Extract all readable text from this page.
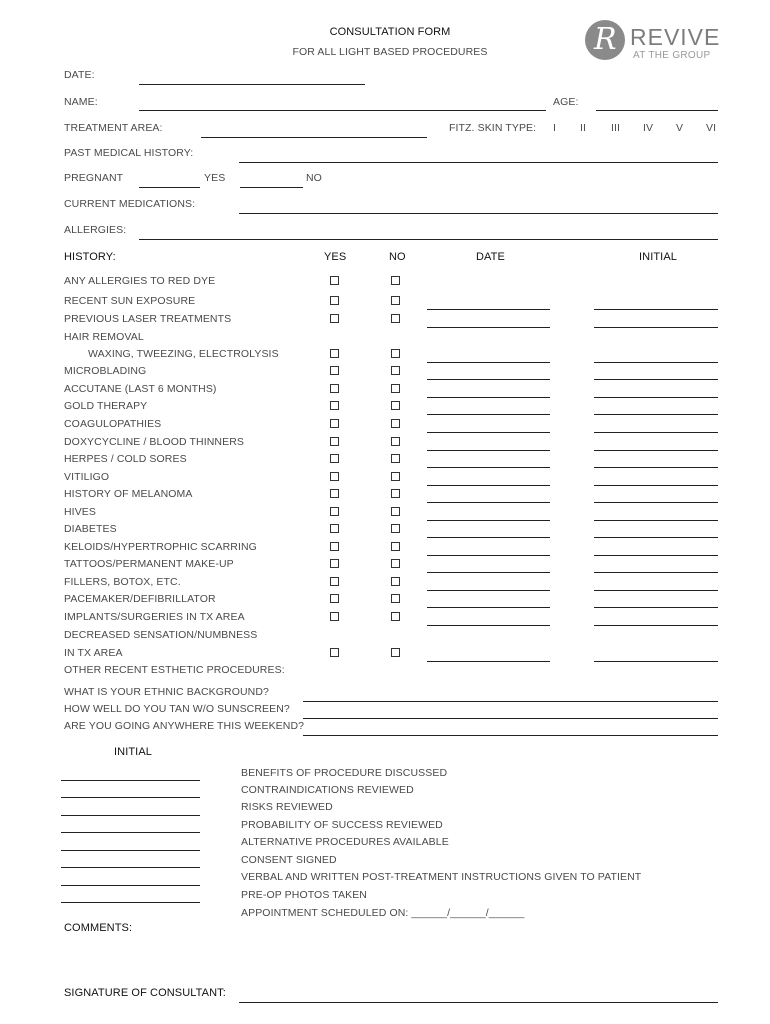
CONSULTATION FORM
FOR ALL LIGHT BASED PROCEDURES	R REVIVE
AT THE GROUP
DATE:
NAME:	AGE:
TREATMENT AREA:	FITZ. SKIN TYPE: I II III IV V VI
PAST MEDICAL HISTORY:
PREGNANT	YES	NO
CURRENT MEDICATIONS:
ALLERGIES:
HISTORY:	YES	NO	DATE	INITIAL
ANY ALLERGIES TO RED DYE
RECENT SUN EXPOSURE
PREVIOUS LASER TREATMENTS
HAIR REMOVAL
WAXING, TWEEZING, ELECTROLYSIS
MICROBLADING
ACCUTANE (LAST 6 MONTHS)
GOLD THERAPY
COAGULOPATHIES
DOXYCYCLINE / BLOOD THINNERS
HERPES / COLD SORES
VITILIGO
HISTORY OF MELANOMA
HIVES
DIABETES
KELOIDS/HYPERTROPHIC SCARRING
TATTOOS/PERMANENT MAKE-UP
FILLERS, BOTOX, ETC.
PACEMAKER/DEFIBRILLATOR
IMPLANTS/SURGERIES IN TX AREA
DECREASED SENSATION/NUMBNESS
IN TX AREA
OTHER RECENT ESTHETIC PROCEDURES:
WHAT IS YOUR ETHNIC BACKGROUND?
HOW WELL DO YOU TAN W/O SUNSCREEN?
ARE YOU GOING ANYWHERE THIS WEEKEND?
INITIAL
BENEFITS OF PROCEDURE DISCUSSED
CONTRAINDICATIONS REVIEWED
RISKS REVIEWED
PROBABILITY OF SUCCESS REVIEWED
ALTERNATIVE PROCEDURES AVAILABLE
CONSENT SIGNED
VERBAL AND WRITTEN POST-TREATMENT INSTRUCTIONS GIVEN TO PATIENT
PRE-OP PHOTOS TAKEN
APPOINTMENT SCHEDULED ON: ______/______/______
COMMENTS:
SIGNATURE OF CONSULTANT:
